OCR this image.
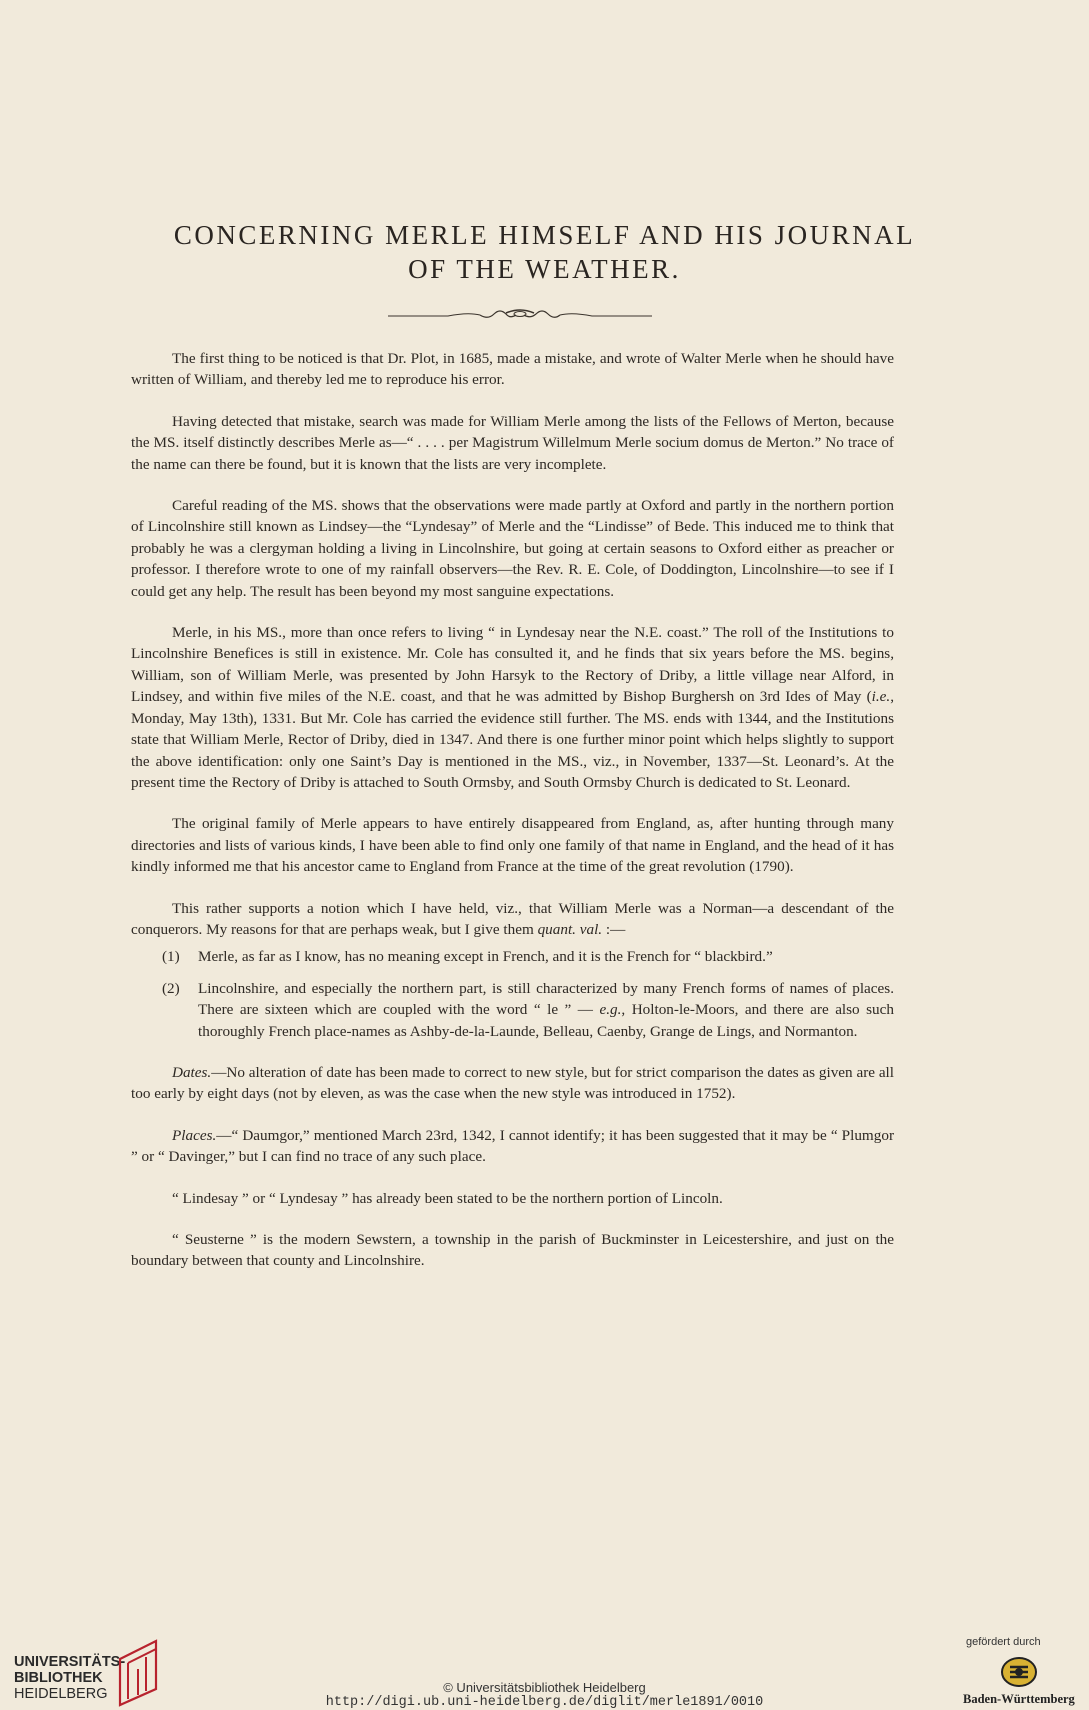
CONCERNING MERLE HIMSELF AND HIS JOURNAL
OF THE WEATHER.

The first thing to be noticed is that Dr. Plot, in 1685, made a mistake, and wrote of Walter Merle when he should have written of William, and thereby led me to reproduce his error.

Having detected that mistake, search was made for William Merle among the lists of the Fellows of Merton, because the MS. itself distinctly describes Merle as—“ . . . . per Magistrum Willelmum Merle socium domus de Merton.” No trace of the name can there be found, but it is known that the lists are very incomplete.

Careful reading of the MS. shows that the observations were made partly at Oxford and partly in the northern portion of Lincolnshire still known as Lindsey—the “Lyndesay” of Merle and the “Lindisse” of Bede. This induced me to think that probably he was a clergyman holding a living in Lincolnshire, but going at certain seasons to Oxford either as preacher or professor. I therefore wrote to one of my rainfall observers—the Rev. R. E. Cole, of Doddington, Lincolnshire—to see if I could get any help. The result has been beyond my most sanguine expectations.

Merle, in his MS., more than once refers to living “ in Lyndesay near the N.E. coast.” The roll of the Institutions to Lincolnshire Benefices is still in existence. Mr. Cole has consulted it, and he finds that six years before the MS. begins, William, son of William Merle, was presented by John Harsyk to the Rectory of Driby, a little village near Alford, in Lindsey, and within five miles of the N.E. coast, and that he was admitted by Bishop Burghersh on 3rd Ides of May (i.e., Monday, May 13th), 1331. But Mr. Cole has carried the evidence still further. The MS. ends with 1344, and the Institutions state that William Merle, Rector of Driby, died in 1347. And there is one further minor point which helps slightly to support the above identification: only one Saint’s Day is mentioned in the MS., viz., in November, 1337—St. Leonard’s. At the present time the Rectory of Driby is attached to South Ormsby, and South Ormsby Church is dedicated to St. Leonard.

The original family of Merle appears to have entirely disappeared from England, as, after hunting through many directories and lists of various kinds, I have been able to find only one family of that name in England, and the head of it has kindly informed me that his ancestor came to England from France at the time of the great revolution (1790).

This rather supports a notion which I have held, viz., that William Merle was a Norman—a descendant of the conquerors. My reasons for that are perhaps weak, but I give them quant. val. :—

(1)	Merle, as far as I know, has no meaning except in French, and it is the French for “ blackbird.”
(2)	Lincolnshire, and especially the northern part, is still characterized by many French forms of names of places. There are sixteen which are coupled with the word “ le ” — e.g., Holton-le-Moors, and there are also such thoroughly French place-names as Ashby-de-la-Launde, Belleau, Caenby, Grange de Lings, and Normanton.

Dates.—No alteration of date has been made to correct to new style, but for strict comparison the dates as given are all too early by eight days (not by eleven, as was the case when the new style was introduced in 1752).

Places.—“ Daumgor,” mentioned March 23rd, 1342, I cannot identify; it has been suggested that it may be “ Plumgor ” or “ Davinger,” but I can find no trace of any such place.

“ Lindesay ” or “ Lyndesay ” has already been stated to be the northern portion of Lincoln.

“ Seusterne ” is the modern Sewstern, a township in the parish of Buckminster in Leicestershire, and just on the boundary between that county and Lincolnshire.

UNIVERSITÄTS-
BIBLIOTHEK
HEIDELBERG	© Universitätsbibliothek Heidelberg
http://digi.ub.uni-heidelberg.de/diglit/merle1891/0010
gefördert durch
Baden-Württemberg
